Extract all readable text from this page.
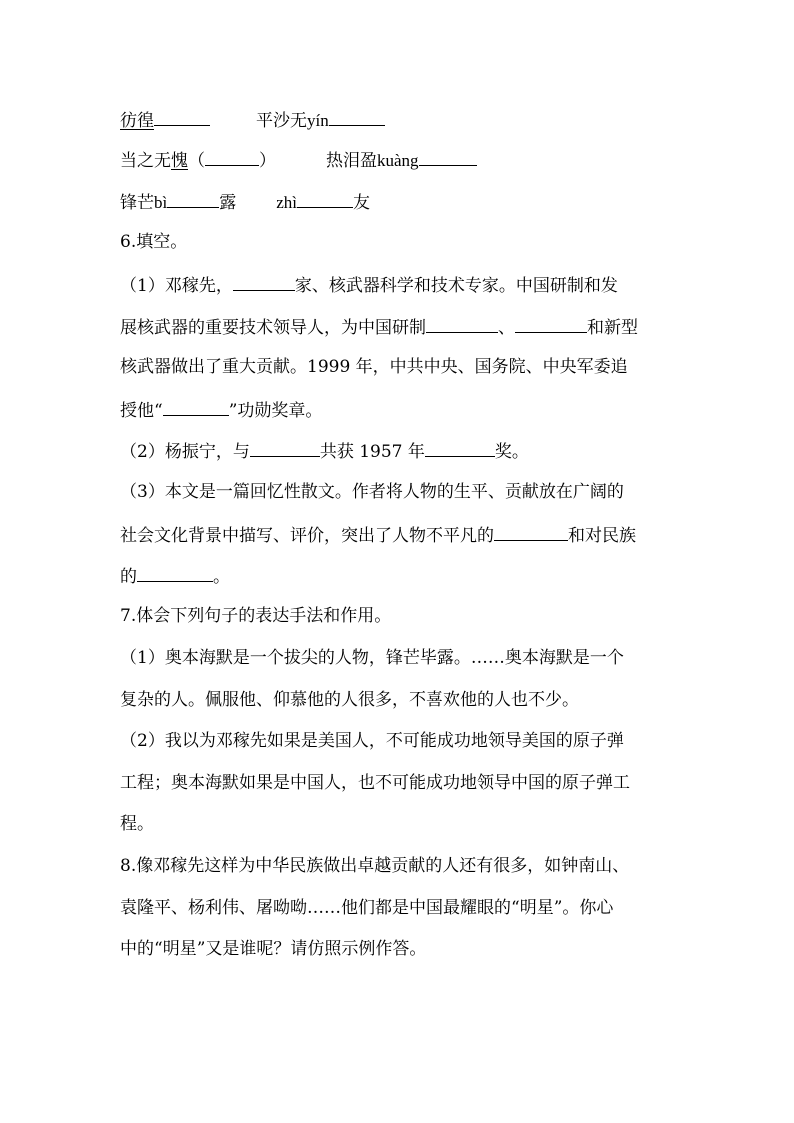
彷徨	平沙无yín
当之无愧（	）	热泪盈kuàng
锋芒bì	露 zhì	友
6.填空。
（1）邓稼先，	家、核武器科学和技术专家。中国研制和发
展核武器的重要技术领导人，为中国研制	、	和新型
核武器做出了重大贡献。1999 年，中共中央、国务院、中央军委追
授他“	”功勋奖章。
（2）杨振宁，与	共获 1957 年	奖。
（3）本文是一篇回忆性散文。作者将人物的生平、贡献放在广阔的
社会文化背景中描写、评价，突出了人物不平凡的	和对民族
的	。
7.体会下列句子的表达手法和作用。
（1）奥本海默是一个拔尖的人物，锋芒毕露。……奥本海默是一个
复杂的人。佩服他、仰慕他的人很多，不喜欢他的人也不少。
（2）我以为邓稼先如果是美国人，不可能成功地领导美国的原子弹
工程；奥本海默如果是中国人，也不可能成功地领导中国的原子弹工
程。
8.像邓稼先这样为中华民族做出卓越贡献的人还有很多，如钟南山、
袁隆平、杨利伟、屠呦呦……他们都是中国最耀眼的“明星”。你心
中的“明星”又是谁呢？请仿照示例作答。
